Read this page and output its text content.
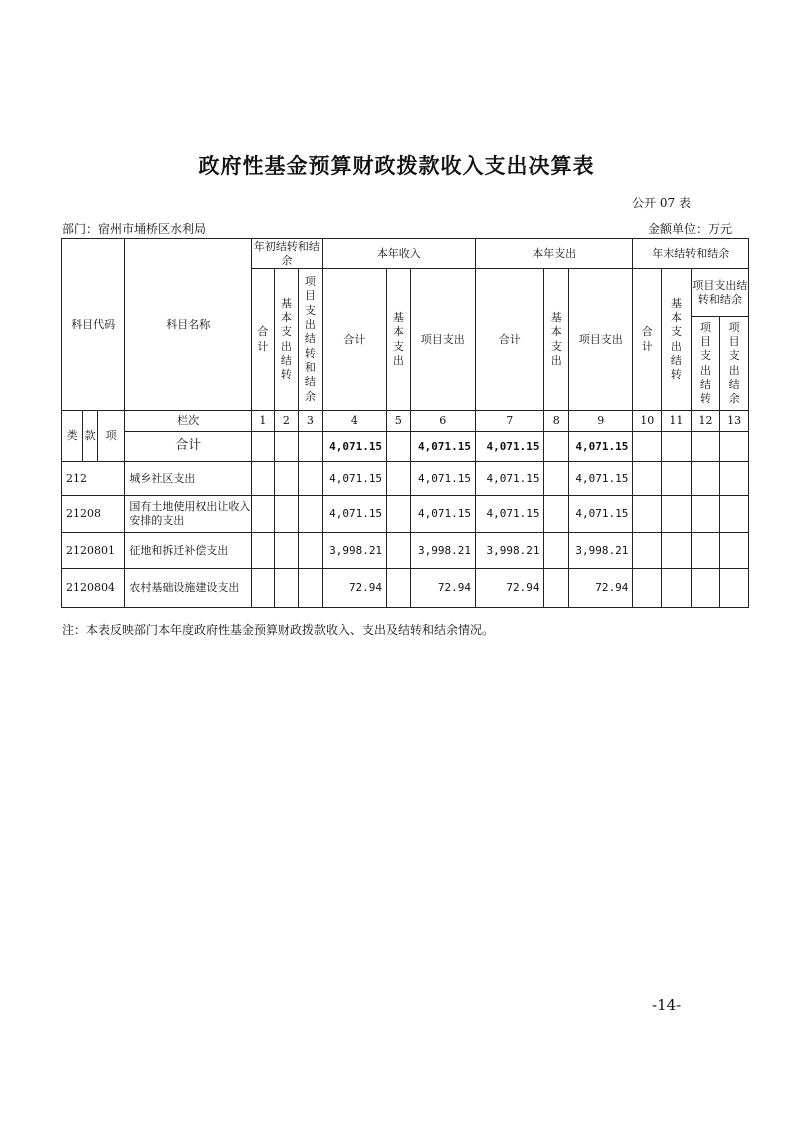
政府性基金预算财政拨款收入支出决算表
公开 07 表
部门：宿州市埇桥区水利局	金额单位：万元
科目代码			科目名称	年初结转和结余			本年收入			本年支出			年末结转和结余			
				合计	基本支出结转	项目支出结转和结余	合计	基本支出	项目支出	合计	基本支出	项目支出	合计	基本支出结转	项目支出结转和结余	
															项目支出结转	项目支出结余
类	款	项	栏次	1	2	3	4	5	6	7	8	9	10	11	12	13
			合计				4,071.15		4,071.15	4,071.15		4,071.15				
212			城乡社区支出				4,071.15		4,071.15	4,071.15		4,071.15				
21208			国有土地使用权出让收入安排的支出				4,071.15		4,071.15	4,071.15		4,071.15				
2120801			征地和拆迁补偿支出				3,998.21		3,998.21	3,998.21		3,998.21				
2120804			农村基础设施建设支出				72.94		72.94	72.94		72.94				
注：本表反映部门本年度政府性基金预算财政拨款收入、支出及结转和结余情况。
-14-
